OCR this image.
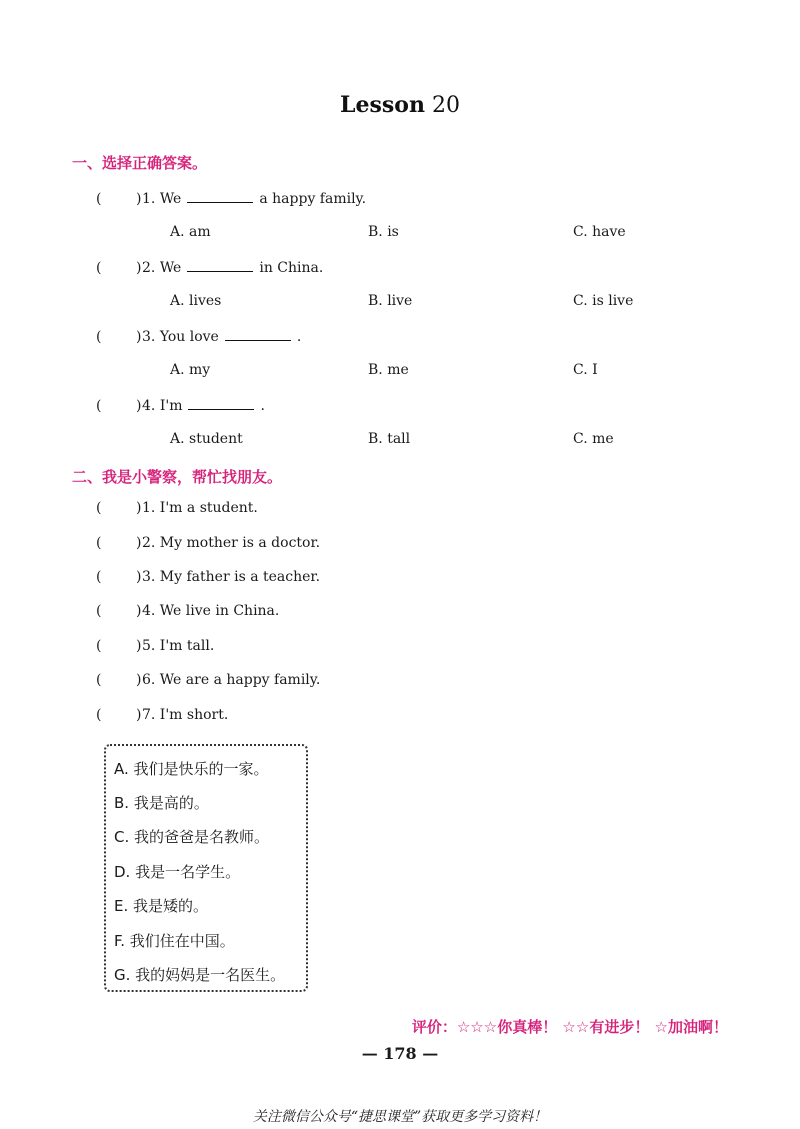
Lesson 20
一、选择正确答案。
( ) 1.
We	a happy family.
A. am	B. is	C. have
( ) 2.
We	in China.
A. lives	B. live	C. is live
( ) 3.
You love	.
A. my	B. me	C. I
( ) 4.
I'm	.
A. student	B. tall	C. me
二、我是小警察，帮忙找朋友。
( ) 1. I'm a student.
( ) 2. My mother is a doctor.
( ) 3. My father is a teacher.
( ) 4. We live in China.
( ) 5. I'm tall.
( ) 6. We are a happy family.
( ) 7. I'm short.
A. 我们是快乐的一家。
B. 我是高的。
C. 我的爸爸是名教师。
D. 我是一名学生。
E. 我是矮的。
F. 我们住在中国。
G. 我的妈妈是一名医生。
评价：☆☆☆你真棒！ ☆☆有进步！ ☆加油啊！
— 178 —
关注微信公众号“捷思课堂”获取更多学习资料！
